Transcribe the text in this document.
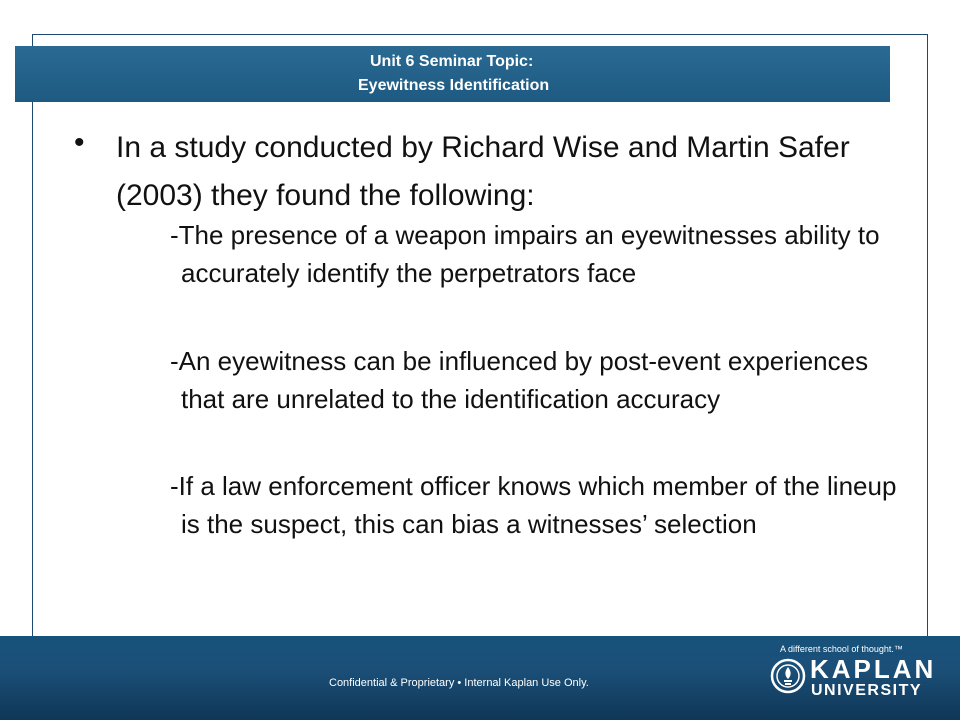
Unit 6 Seminar Topic:
Eyewitness Identification
• In a study conducted by Richard Wise and Martin Safer (2003) they found the following:
-The presence of a weapon impairs an eyewitnesses ability to accurately identify the perpetrators face
-An eyewitness can be influenced by post-event experiences that are unrelated to the identification accuracy
-If a law enforcement officer knows which member of the lineup is the suspect, this can bias a witnesses’ selection
Confidential & Proprietary • Internal Kaplan Use Only.
A different school of thought.™
KAPLAN
UNIVERSITY
